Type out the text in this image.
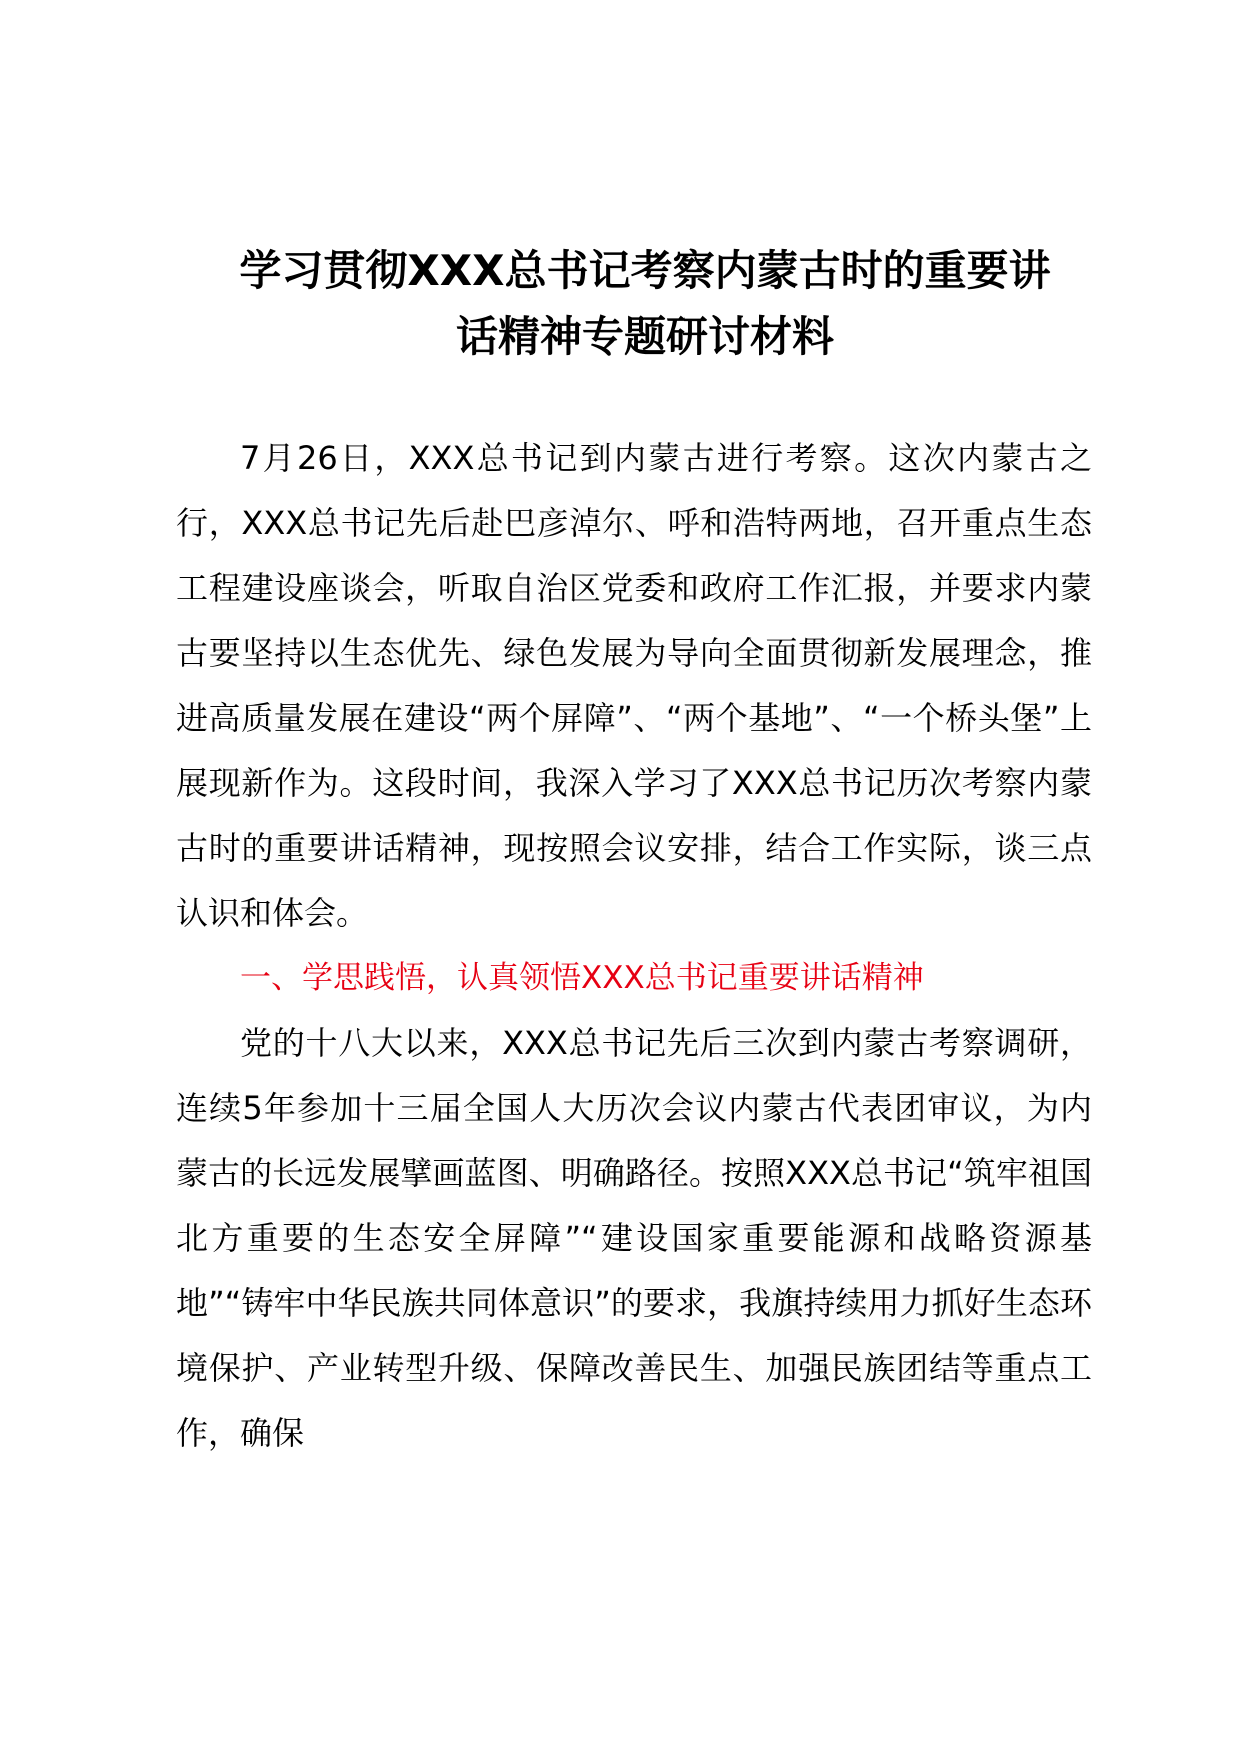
学习贯彻XXX总书记考察内蒙古时的重要讲
话精神专题研讨材料

7月26日，XXX总书记到内蒙古进行考察。这次内蒙古之行，XXX总书记先后赴巴彦淖尔、呼和浩特两地，召开重点生态工程建设座谈会，听取自治区党委和政府工作汇报，并要求内蒙古要坚持以生态优先、绿色发展为导向全面贯彻新发展理念，推进高质量发展在建设“两个屏障”、“两个基地”、“一个桥头堡”上展现新作为。这段时间，我深入学习了XXX总书记历次考察内蒙古时的重要讲话精神，现按照会议安排，结合工作实际，谈三点认识和体会。

一、学思践悟，认真领悟XXX总书记重要讲话精神

党的十八大以来，XXX总书记先后三次到内蒙古考察调研，连续5年参加十三届全国人大历次会议内蒙古代表团审议，为内蒙古的长远发展擘画蓝图、明确路径。按照XXX总书记“筑牢祖国北方重要的生态安全屏障”“建设国家重要能源和战略资源基地”“铸牢中华民族共同体意识”的要求，我旗持续用力抓好生态环境保护、产业转型升级、保障改善民生、加强民族团结等重点工作，确保
